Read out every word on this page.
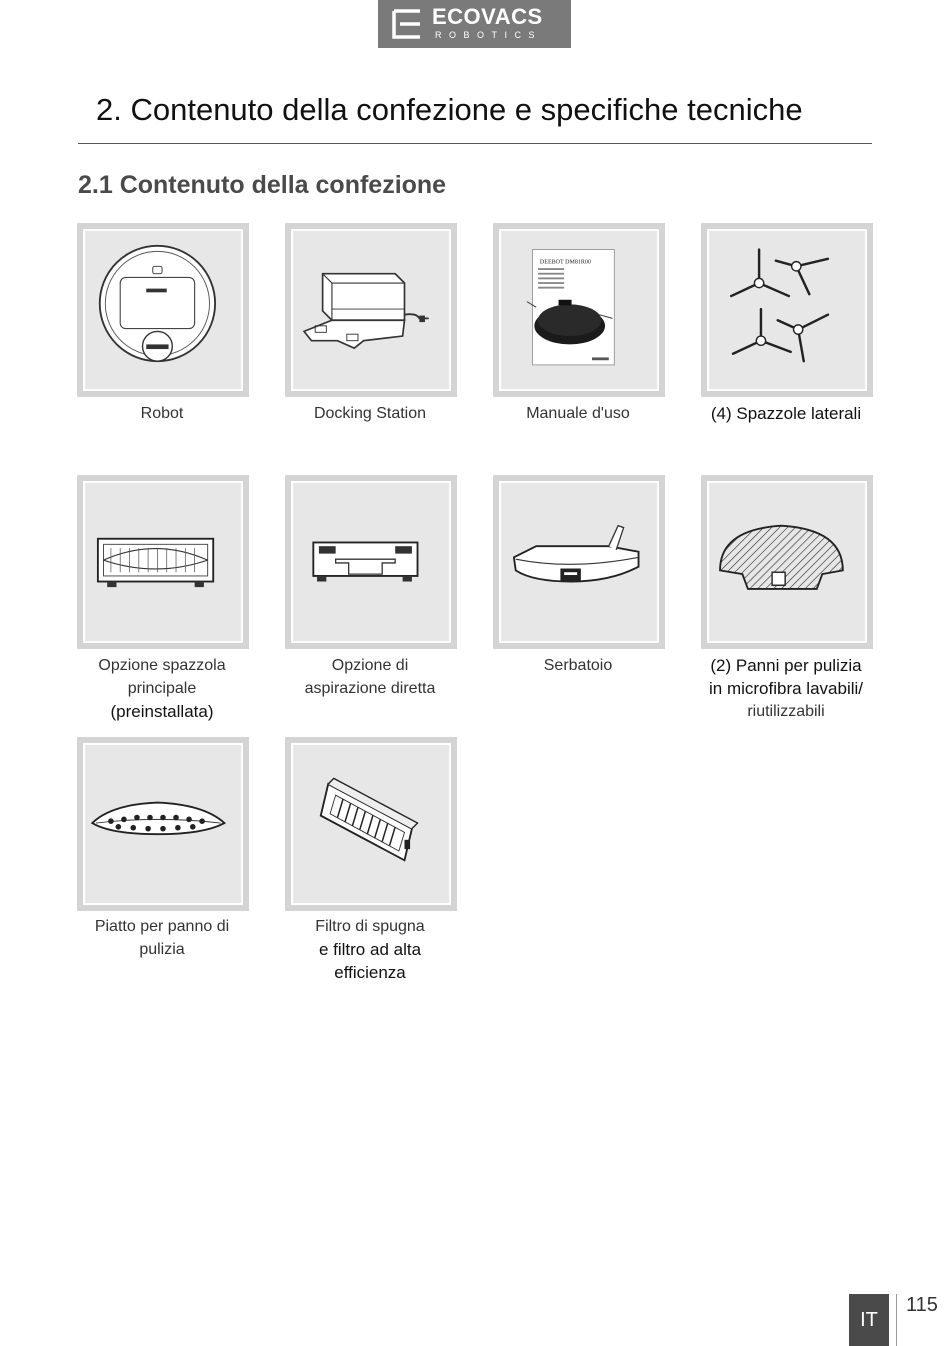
ECOVACS
ROBOTICS
2. Contenuto della confezione e specifiche tecniche
2.1 Contenuto della confezione
Robot	Docking Station
DEEBOT DM81R00
Manuale d'uso	(4) Spazzole laterali
Opzione spazzola
principale
(preinstallata)
Opzione di
aspirazione diretta
Serbatoio	(2) Panni per pulizia
in microfibra lavabili/
riutilizzabili
Piatto per panno di
pulizia
Filtro di spugna
e filtro ad alta
efficienza
IT
115
